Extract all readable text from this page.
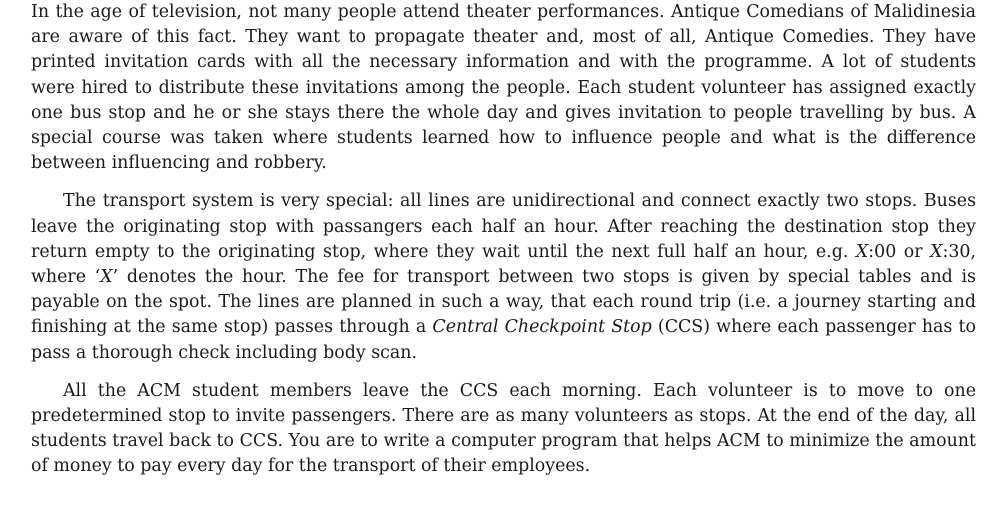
In the age of television, not many people attend theater performances. Antique Comedians of Malidinesia are aware of this fact. They want to propagate theater and, most of all, Antique Comedies. They have printed invitation cards with all the necessary information and with the programme. A lot of students were hired to distribute these invitations among the people. Each student volunteer has assigned exactly one bus stop and he or she stays there the whole day and gives invitation to people travelling by bus. A special course was taken where students learned how to influence people and what is the difference between influencing and robbery.

The transport system is very special: all lines are unidirectional and connect exactly two stops. Buses leave the originating stop with passangers each half an hour. After reaching the destination stop they return empty to the originating stop, where they wait until the next full half an hour, e.g. X:00 or X:30, where ‘X’ denotes the hour. The fee for transport between two stops is given by special tables and is payable on the spot. The lines are planned in such a way, that each round trip (i.e. a journey starting and finishing at the same stop) passes through a Central Checkpoint Stop (CCS) where each passenger has to pass a thorough check including body scan.

All the ACM student members leave the CCS each morning. Each volunteer is to move to one predetermined stop to invite passengers. There are as many volunteers as stops. At the end of the day, all students travel back to CCS. You are to write a computer program that helps ACM to minimize the amount of money to pay every day for the transport of their employees.
